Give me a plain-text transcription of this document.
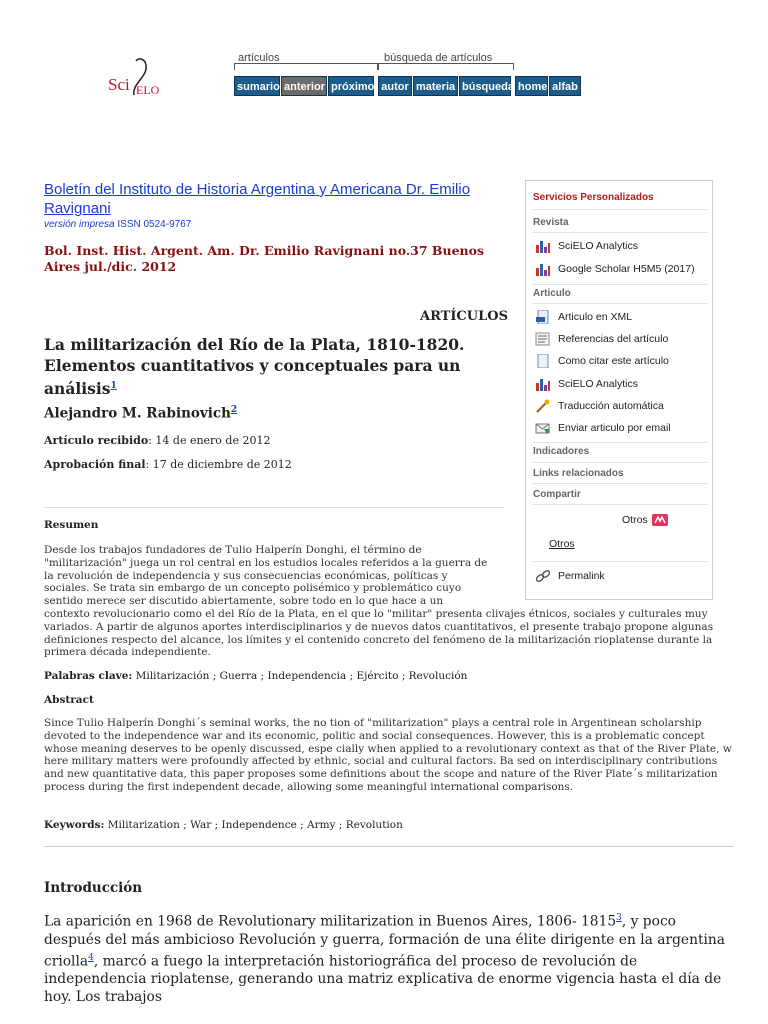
Sci ELO
artículos	búsqueda de artículos
sumario anterior próximo autor materia búsqueda home alfab
Boletín del Instituto de Historia Argentina y Americana Dr. Emilio Ravignani
versión impresa ISSN 0524-9767
Bol. Inst. Hist. Argent. Am. Dr. Emilio Ravignani no.37 Buenos Aires jul./dic. 2012
ARTÍCULOS
La militarización del Río de la Plata, 1810-1820. Elementos cuantitativos y conceptuales para un análisis$^1$
Alejandro M. Rabinovich$^2$
Artículo recibido: 14 de enero de 2012
Aprobación final: 17 de diciembre de 2012
Resumen
Desde los trabajos fundadores de Tulio Halperín Donghi, el término de "militarización" juega un rol central en los estudios locales referidos a la guerra de la revolución de independencia y sus consecuencias económicas, políticas y sociales. Se trata sin embargo de un concepto polisémico y problemático cuyo sentido merece ser discutido abiertamente, sobre todo en lo que hace a un
contexto revolucionario como el del Río de la Plata, en el que lo "militar" presenta clivajes étnicos, sociales y culturales muy variados. A partir de algunos aportes interdisciplinarios y de nuevos datos cuantitativos, el presente trabajo propone algunas definiciones respecto del alcance, los límites y el contenido concreto del fenómeno de la militarización rioplatense durante la primera década independiente.
Palabras clave: Militarización ; Guerra ; Independencia ; Ejército ; Revolución
Abstract
Since Tulio Halperín Donghi´s seminal works, the no tion of "militarization" plays a central role in Argentinean scholarship devoted to the independence war and its economic, politic and social consequences. However, this is a problematic concept whose meaning deserves to be openly discussed, espe cially when applied to a revolutionary context as that of the River Plate, w here military matters were profoundly affected by ethnic, social and cultural factors. Ba sed on interdisciplinary contributions and new quantitative data, this paper proposes some definitions about the scope and nature of the River Plate´s militarization process during the first independent decade, allowing some meaningful international comparisons.
Keywords: Militarization ; War ; Independence ; Army ; Revolution
Introducción
La aparición en 1968 de Revolutionary militarization in Buenos Aires, 1806- 1815$^3$, y poco después del más ambicioso Revolución y guerra, formación de una élite dirigente en la argentina criolla$^4$, marcó a fuego la interpretación historiográfica del proceso de revolución de independencia rioplatense, generando una matriz explicativa de enorme vigencia hasta el día de hoy. Los trabajos
Servicios Personalizados
Revista
SciELO Analytics
Google Scholar H5M5 (2017)
Articulo
Articulo en XML
Referencias del artículo
Como citar este artículo
SciELO Analytics
Traducción automática
Enviar articulo por email
Indicadores
Links relacionados
Compartir
Otros
Otros
Permalink
